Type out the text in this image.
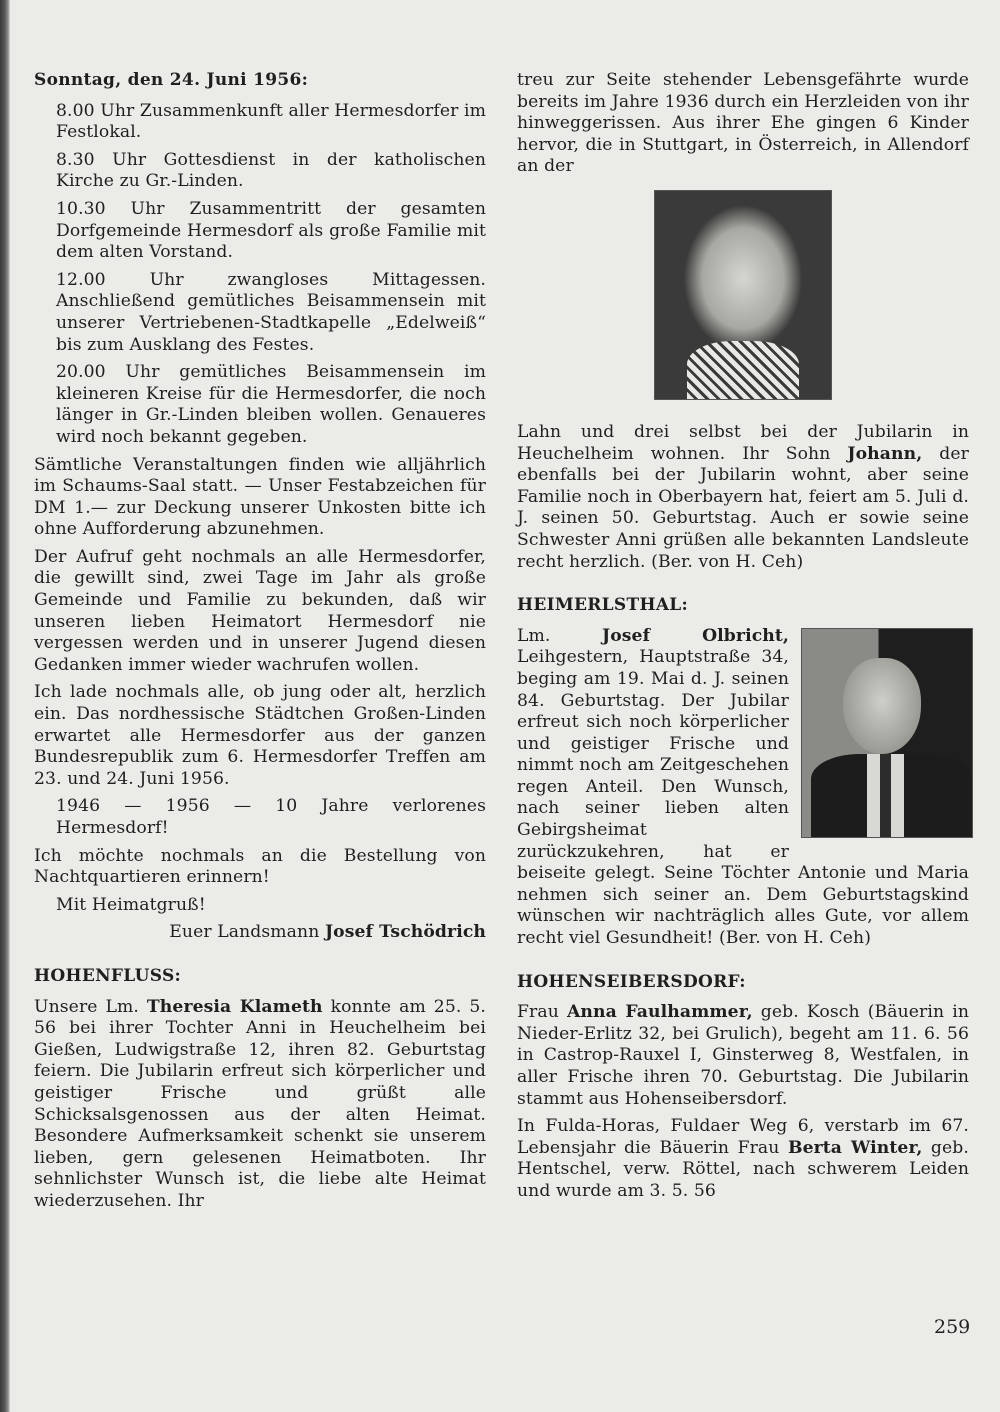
Sonntag, den 24. Juni 1956:

8.00 Uhr Zusammenkunft aller Hermesdorfer im Festlokal.

8.30 Uhr Gottesdienst in der katholischen Kirche zu Gr.-Linden.

10.30 Uhr Zusammentritt der gesamten Dorfgemeinde Hermesdorf als große Familie mit dem alten Vorstand.

12.00 Uhr zwangloses Mittagessen. Anschließend gemütliches Beisammensein mit unserer Vertriebenen-Stadtkapelle „Edelweiß“ bis zum Ausklang des Festes.

20.00 Uhr gemütliches Beisammensein im kleineren Kreise für die Hermesdorfer, die noch länger in Gr.-Linden bleiben wollen. Genaueres wird noch bekannt gegeben.

Sämtliche Veranstaltungen finden wie alljährlich im Schaums-Saal statt. — Unser Festabzeichen für DM 1.— zur Deckung unserer Unkosten bitte ich ohne Aufforderung abzunehmen.

Der Aufruf geht nochmals an alle Hermesdorfer, die gewillt sind, zwei Tage im Jahr als große Gemeinde und Familie zu bekunden, daß wir unseren lieben Heimatort Hermesdorf nie vergessen werden und in unserer Jugend diesen Gedanken immer wieder wachrufen wollen.

Ich lade nochmals alle, ob jung oder alt, herzlich ein. Das nordhessische Städtchen Großen-Linden erwartet alle Hermesdorfer aus der ganzen Bundesrepublik zum 6. Hermesdorfer Treffen am 23. und 24. Juni 1956.

1946 — 1956 — 10 Jahre verlorenes Hermesdorf!

Ich möchte nochmals an die Bestellung von Nachtquartieren erinnern!

Mit Heimatgruß!

Euer Landsmann Josef Tschödrich

HOHENFLUSS:

Unsere Lm. Theresia Klameth konnte am 25. 5. 56 bei ihrer Tochter Anni in Heuchelheim bei Gießen, Ludwigstraße 12, ihren 82. Geburtstag feiern. Die Jubilarin erfreut sich körperlicher und geistiger Frische und grüßt alle Schicksalsgenossen aus der alten Heimat. Besondere Aufmerksamkeit schenkt sie unserem lieben, gern gelesenen Heimatboten. Ihr sehnlichster Wunsch ist, die liebe alte Heimat wiederzusehen. Ihr

treu zur Seite stehender Lebensgefährte wurde bereits im Jahre 1936 durch ein Herzleiden von ihr hinweggerissen. Aus ihrer Ehe gingen 6 Kinder hervor, die in Stuttgart, in Österreich, in Allendorf an der

Lahn und drei selbst bei der Jubilarin in Heuchelheim wohnen. Ihr Sohn Johann, der ebenfalls bei der Jubilarin wohnt, aber seine Familie noch in Oberbayern hat, feiert am 5. Juli d. J. seinen 50. Geburtstag. Auch er sowie seine Schwester Anni grüßen alle bekannten Landsleute recht herzlich. (Ber. von H. Ceh)

HEIMERLSTHAL:

Lm. Josef Olbricht, Leihgestern, Hauptstraße 34, beging am 19. Mai d. J. seinen 84. Geburtstag. Der Jubilar erfreut sich noch körperlicher und geistiger Frische und nimmt noch am Zeitgeschehen regen Anteil. Den Wunsch, nach seiner lieben alten Gebirgsheimat zurückzukehren, hat er beiseite gelegt. Seine Töchter Antonie und Maria nehmen sich seiner an. Dem Geburtstagskind wünschen wir nachträglich alles Gute, vor allem recht viel Gesundheit! (Ber. von H. Ceh)

HOHENSEIBERSDORF:

Frau Anna Faulhammer, geb. Kosch (Bäuerin in Nieder-Erlitz 32, bei Grulich), begeht am 11. 6. 56 in Castrop-Rauxel I, Ginsterweg 8, Westfalen, in aller Frische ihren 70. Geburtstag. Die Jubilarin stammt aus Hohenseibersdorf.

In Fulda-Horas, Fuldaer Weg 6, verstarb im 67. Lebensjahr die Bäuerin Frau Berta Winter, geb. Hentschel, verw. Röttel, nach schwerem Leiden und wurde am 3. 5. 56

259
